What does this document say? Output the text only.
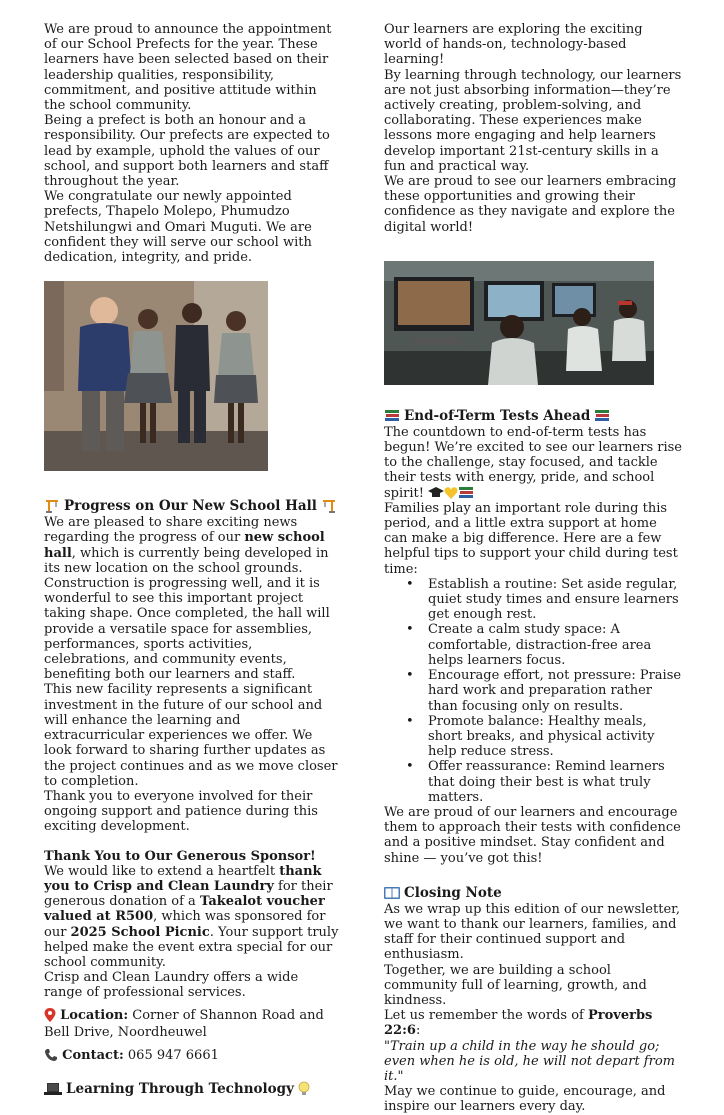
We are proud to announce the appointment of our School Prefects for the year. These learners have been selected based on their leadership qualities, responsibility, commitment, and positive attitude within the school community.

Being a prefect is both an honour and a responsibility. Our prefects are expected to lead by example, uphold the values of our school, and support both learners and staff throughout the year.

We congratulate our newly appointed prefects, Thapelo Molepo, Phumudzo Netshilungwi and Omari Muguti. We are confident they will serve our school with dedication, integrity, and pride.

Progress on Our New School Hall

We are pleased to share exciting news regarding the progress of our new school hall, which is currently being developed in its new location on the school grounds.

Construction is progressing well, and it is wonderful to see this important project taking shape. Once completed, the hall will provide a versatile space for assemblies, performances, sports activities, celebrations, and community events, benefiting both our learners and staff.

This new facility represents a significant investment in the future of our school and will enhance the learning and extracurricular experiences we offer. We look forward to sharing further updates as the project continues and as we move closer to completion.

Thank you to everyone involved for their ongoing support and patience during this exciting development.

Thank You to Our Generous Sponsor!

We would like to extend a heartfelt thank you to Crisp and Clean Laundry for their generous donation of a Takealot voucher valued at R500, which was sponsored for our 2025 School Picnic. Your support truly helped make the event extra special for our school community.

Crisp and Clean Laundry offers a wide range of professional services.

Location: Corner of Shannon Road and Bell Drive, Noordheuwel

Contact: 065 947 6661

Learning Through Technology

Our learners are exploring the exciting world of hands-on, technology-based learning!

By learning through technology, our learners are not just absorbing information—they’re actively creating, problem-solving, and collaborating. These experiences make lessons more engaging and help learners develop important 21st-century skills in a fun and practical way.

We are proud to see our learners embracing these opportunities and growing their confidence as they navigate and explore the digital world!

End-of-Term Tests Ahead

The countdown to end-of-term tests has begun! We’re excited to see our learners rise to the challenge, stay focused, and tackle their tests with energy, pride, and school spirit!

Families play an important role during this period, and a little extra support at home can make a big difference. Here are a few helpful tips to support your child during test time:

• Establish a routine: Set aside regular, quiet study times and ensure learners get enough rest.
• Create a calm study space: A comfortable, distraction-free area helps learners focus.
• Encourage effort, not pressure: Praise hard work and preparation rather than focusing only on results.
• Promote balance: Healthy meals, short breaks, and physical activity help reduce stress.
• Offer reassurance: Remind learners that doing their best is what truly matters.

We are proud of our learners and encourage them to approach their tests with confidence and a positive mindset. Stay confident and shine — you’ve got this!

Closing Note

As we wrap up this edition of our newsletter, we want to thank our learners, families, and staff for their continued support and enthusiasm.

Together, we are building a school community full of learning, growth, and kindness.

Let us remember the words of Proverbs 22:6:

"Train up a child in the way he should go; even when he is old, he will not depart from it."

May we continue to guide, encourage, and inspire our learners every day.
